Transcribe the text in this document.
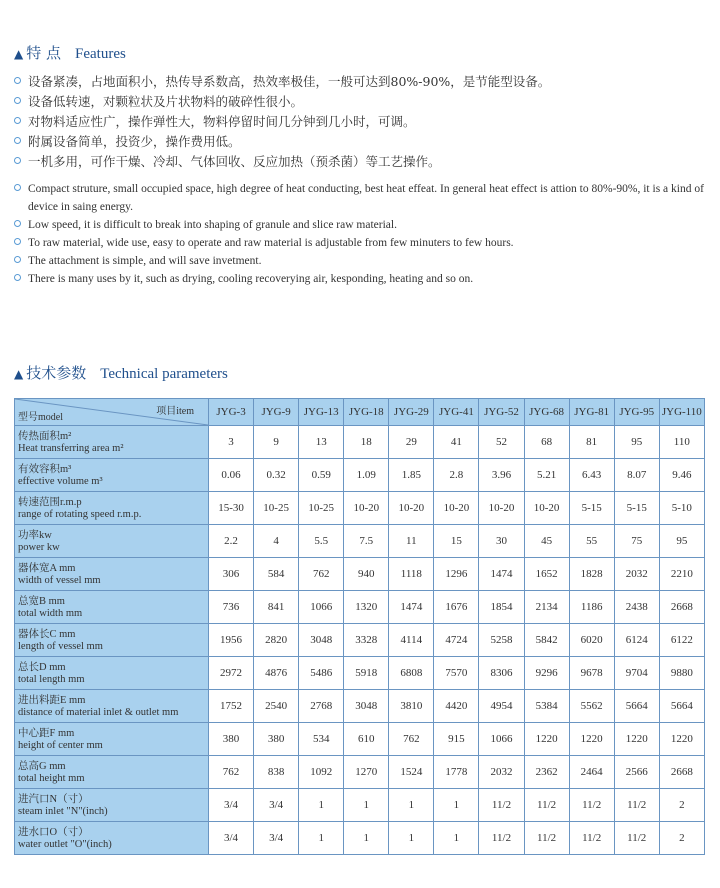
▲ 特 点 Features
设备紧凑，占地面积小，热传导系数高，热效率极佳，一般可达到80%-90%，是节能型设备。
设备低转速，对颗粒状及片状物料的破碎性很小。
对物料适应性广，操作弹性大，物料停留时间几分钟到几小时，可调。
附属设备简单，投资少，操作费用低。
一机多用，可作干燥、冷却、气体回收、反应加热（预杀菌）等工艺操作。
Compact struture, small occupied space, high degree of heat conducting, best heat effeat. In general heat effect is attion to 80%-90%, it is a kind of device in saing energy.
Low speed, it is difficult to break into shaping of granule and slice raw material.
To raw material, wide use, easy to operate and raw material is adjustable from few minuters to few hours.
The attachment is simple, and will save invetment.
There is many uses by it, such as drying, cooling recoverying air, kesponding, heating and so on.
▲ 技术参数 Technical parameters
项目item
型号model	JYG-3	JYG-9	JYG-13	JYG-18	JYG-29	JYG-41	JYG-52	JYG-68	JYG-81	JYG-95	JYG-110

传热面积m²
Heat transferring area m²	3	9	13	18	29	41	52	68	81	95	110

有效容积m³
effective volume m³	0.06	0.32	0.59	1.09	1.85	2.8	3.96	5.21	6.43	8.07	9.46

转速范围r.m.p
range of rotating speed r.m.p.	15-30	10-25	10-25	10-20	10-20	10-20	10-20	10-20	5-15	5-15	5-10

功率kw
power kw	2.2	4	5.5	7.5	11	15	30	45	55	75	95

器体宽A mm
width of vessel mm	306	584	762	940	1118	1296	1474	1652	1828	2032	2210

总宽B mm
total width mm	736	841	1066	1320	1474	1676	1854	2134	1186	2438	2668

器体长C mm
length of vessel mm	1956	2820	3048	3328	4114	4724	5258	5842	6020	6124	6122

总长D mm
total length mm	2972	4876	5486	5918	6808	7570	8306	9296	9678	9704	9880

进出料距E mm
distance of material inlet & outlet mm	1752	2540	2768	3048	3810	4420	4954	5384	5562	5664	5664

中心距F mm
height of center mm	380	380	534	610	762	915	1066	1220	1220	1220	1220

总高G mm
total height mm	762	838	1092	1270	1524	1778	2032	2362	2464	2566	2668

进汽口N（寸）
steam inlet "N"(inch)	3/4	3/4	1	1	1	1	11/2	11/2	11/2	11/2	2

进水口O（寸）
water outlet "O"(inch)	3/4	3/4	1	1	1	1	11/2	11/2	11/2	11/2	2
